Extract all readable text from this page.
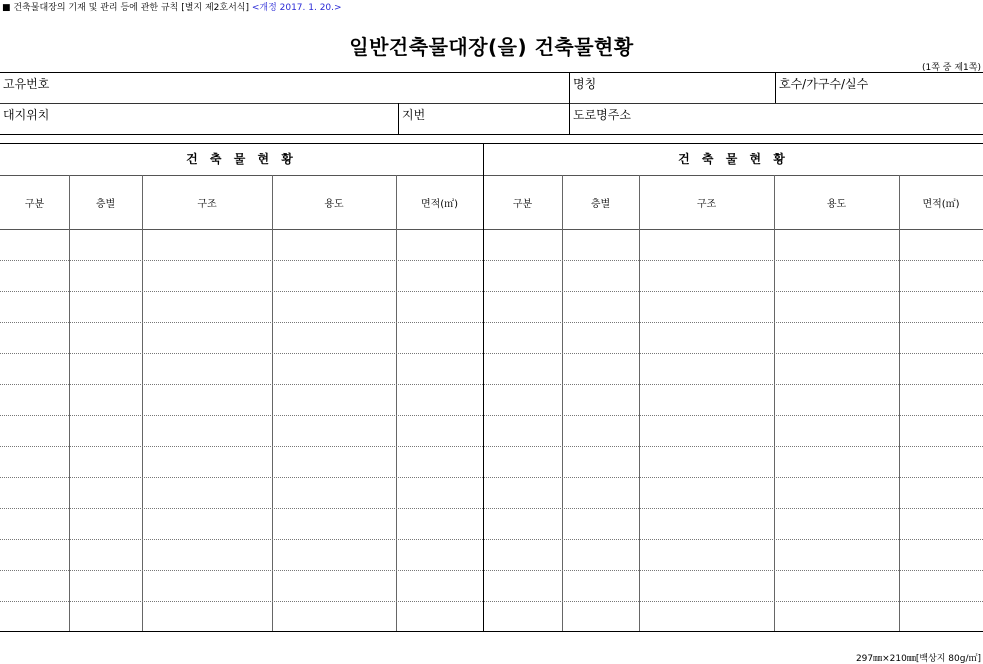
■ 건축물대장의 기재 및 관리 등에 관한 규칙 [별지 제2호서식] <개정 2017. 1. 20.>
일반건축물대장(을) 건축물현황
(1쪽 중 제1쪽)
고유번호	명칭	호수/가구수/실수
대지위치	지번	도로명주소
건 축 물 현 황	건 축 물 현 황
구분	층별	구조	용도	면적(㎡)	구분	층별	구조	용도	면적(㎡)
297㎜×210㎜[백상지 80g/㎡]
